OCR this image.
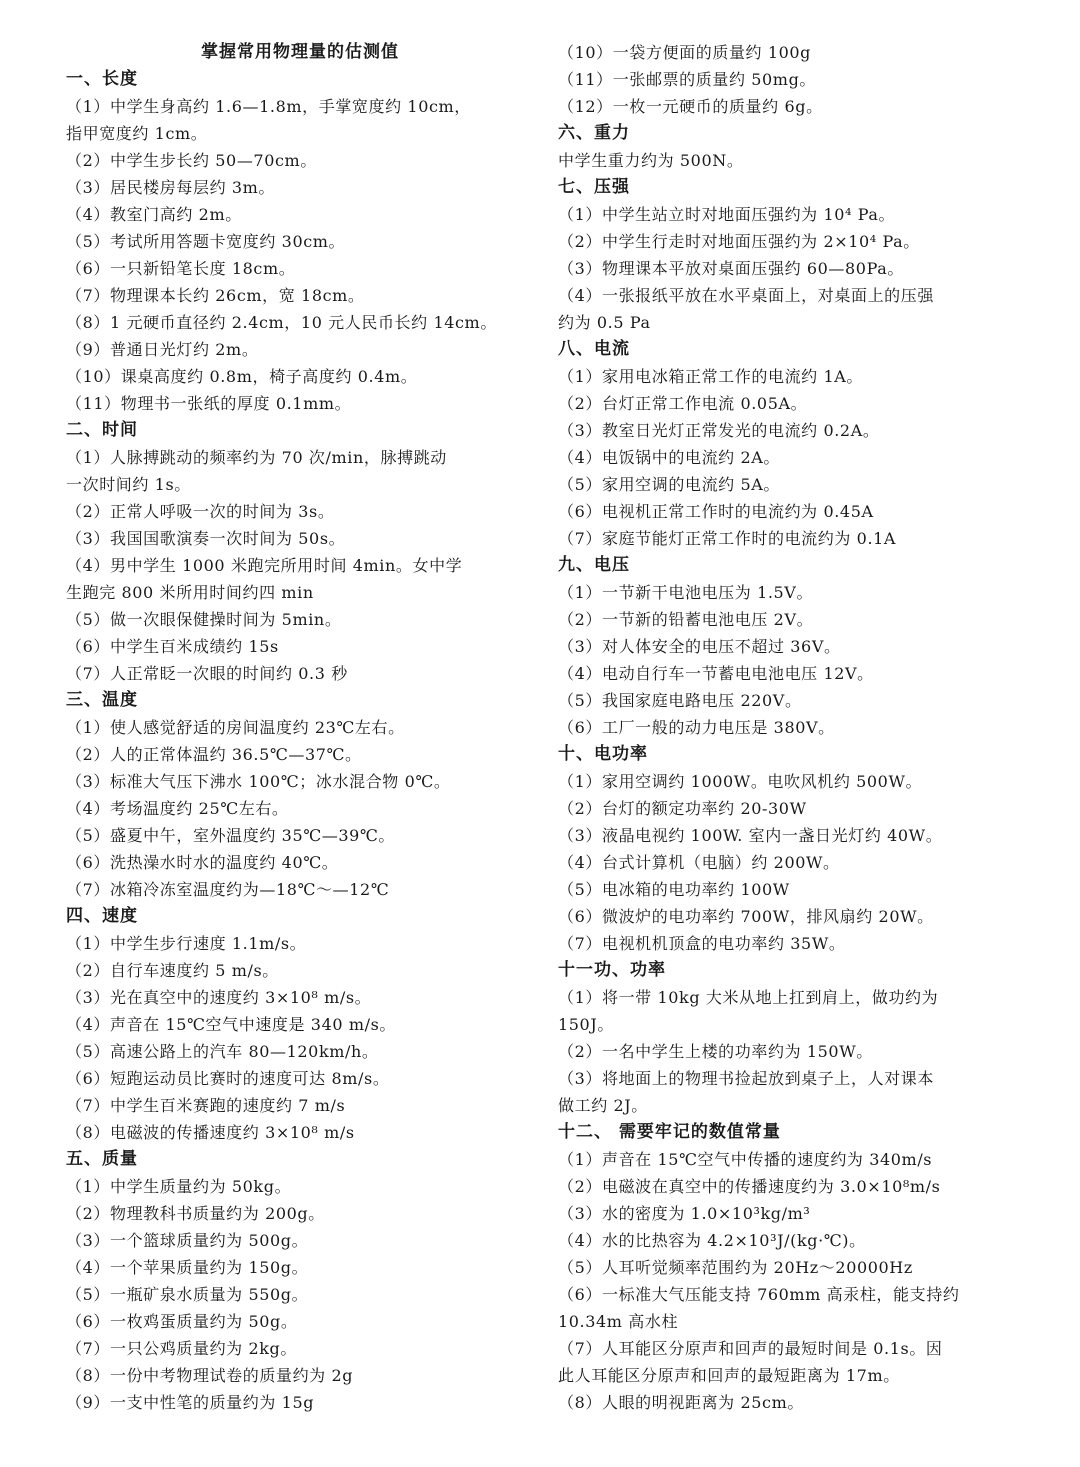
掌握常用物理量的估测值
一、长度
（1）中学生身高约 1.6—1.8m，手掌宽度约 10cm，
指甲宽度约 1cm。
（2）中学生步长约 50—70cm。
（3）居民楼房每层约 3m。
（4）教室门高约 2m。
（5）考试所用答题卡宽度约 30cm。
（6）一只新铅笔长度 18cm。
（7）物理课本长约 26cm，宽 18cm。
（8）1 元硬币直径约 2.4cm，10 元人民币长约 14cm。
（9）普通日光灯约 2m。
（10）课桌高度约 0.8m，椅子高度约 0.4m。
（11）物理书一张纸的厚度 0.1mm。
二、时间
（1）人脉搏跳动的频率约为 70 次/min，脉搏跳动
一次时间约 1s。
（2）正常人呼吸一次的时间为 3s。
（3）我国国歌演奏一次时间为 50s。
（4）男中学生 1000 米跑完所用时间 4min。女中学
生跑完 800 米所用时间约四 min
（5）做一次眼保健操时间为 5min。
（6）中学生百米成绩约 15s
（7）人正常眨一次眼的时间约 0.3 秒
三、温度
（1）使人感觉舒适的房间温度约 23℃左右。
（2）人的正常体温约 36.5℃—37℃。
（3）标准大气压下沸水 100℃；冰水混合物 0℃。
（4）考场温度约 25℃左右。
（5）盛夏中午，室外温度约 35℃—39℃。
（6）洗热澡水时水的温度约 40℃。
（7）冰箱冷冻室温度约为—18℃～—12℃
四、速度
（1）中学生步行速度 1.1m/s。
（2）自行车速度约 5 m/s。
（3）光在真空中的速度约 3×10⁸ m/s。
（4）声音在 15℃空气中速度是 340 m/s。
（5）高速公路上的汽车 80—120km/h。
（6）短跑运动员比赛时的速度可达 8m/s。
（7）中学生百米赛跑的速度约 7 m/s
（8）电磁波的传播速度约 3×10⁸ m/s
五、质量
（1）中学生质量约为 50kg。
（2）物理教科书质量约为 200g。
（3）一个篮球质量约为 500g。
（4）一个苹果质量约为 150g。
（5）一瓶矿泉水质量为 550g。
（6）一枚鸡蛋质量约为 50g。
（7）一只公鸡质量约为 2kg。
（8）一份中考物理试卷的质量约为 2g
（9）一支中性笔的质量约为 15g
（10）一袋方便面的质量约 100g
（11）一张邮票的质量约 50mg。
（12）一枚一元硬币的质量约 6g。
六、重力
中学生重力约为 500N。
七、压强
（1）中学生站立时对地面压强约为 10⁴ Pa。
（2）中学生行走时对地面压强约为 2×10⁴ Pa。
（3）物理课本平放对桌面压强约 60—80Pa。
（4）一张报纸平放在水平桌面上，对桌面上的压强
约为 0.5 Pa
八、电流
（1）家用电冰箱正常工作的电流约 1A。
（2）台灯正常工作电流 0.05A。
（3）教室日光灯正常发光的电流约 0.2A。
（4）电饭锅中的电流约 2A。
（5）家用空调的电流约 5A。
（6）电视机正常工作时的电流约为 0.45A
（7）家庭节能灯正常工作时的电流约为 0.1A
九、电压
（1）一节新干电池电压为 1.5V。
（2）一节新的铅蓄电池电压 2V。
（3）对人体安全的电压不超过 36V。
（4）电动自行车一节蓄电电池电压 12V。
（5）我国家庭电路电压 220V。
（6）工厂一般的动力电压是 380V。
十、电功率
（1）家用空调约 1000W。电吹风机约 500W。
（2）台灯的额定功率约 20-30W
（3）液晶电视约 100W. 室内一盏日光灯约 40W。
（4）台式计算机（电脑）约 200W。
（5）电冰箱的电功率约 100W
（6）微波炉的电功率约 700W，排风扇约 20W。
（7）电视机机顶盒的电功率约 35W。
十一功、功率
（1）将一带 10kg 大米从地上扛到肩上，做功约为
150J。
（2）一名中学生上楼的功率约为 150W。
（3）将地面上的物理书捡起放到桌子上，人对课本
做工约 2J。
十二、 需要牢记的数值常量
（1）声音在 15℃空气中传播的速度约为 340m/s
（2）电磁波在真空中的传播速度约为 3.0×10⁸m/s
（3）水的密度为 1.0×10³kg/m³
（4）水的比热容为 4.2×10³J/(kg·℃)。
（5）人耳听觉频率范围约为 20Hz～20000Hz
（6）一标准大气压能支持 760mm 高汞柱，能支持约
10.34m 高水柱
（7）人耳能区分原声和回声的最短时间是 0.1s。因
此人耳能区分原声和回声的最短距离为 17m。
（8）人眼的明视距离为 25cm。
